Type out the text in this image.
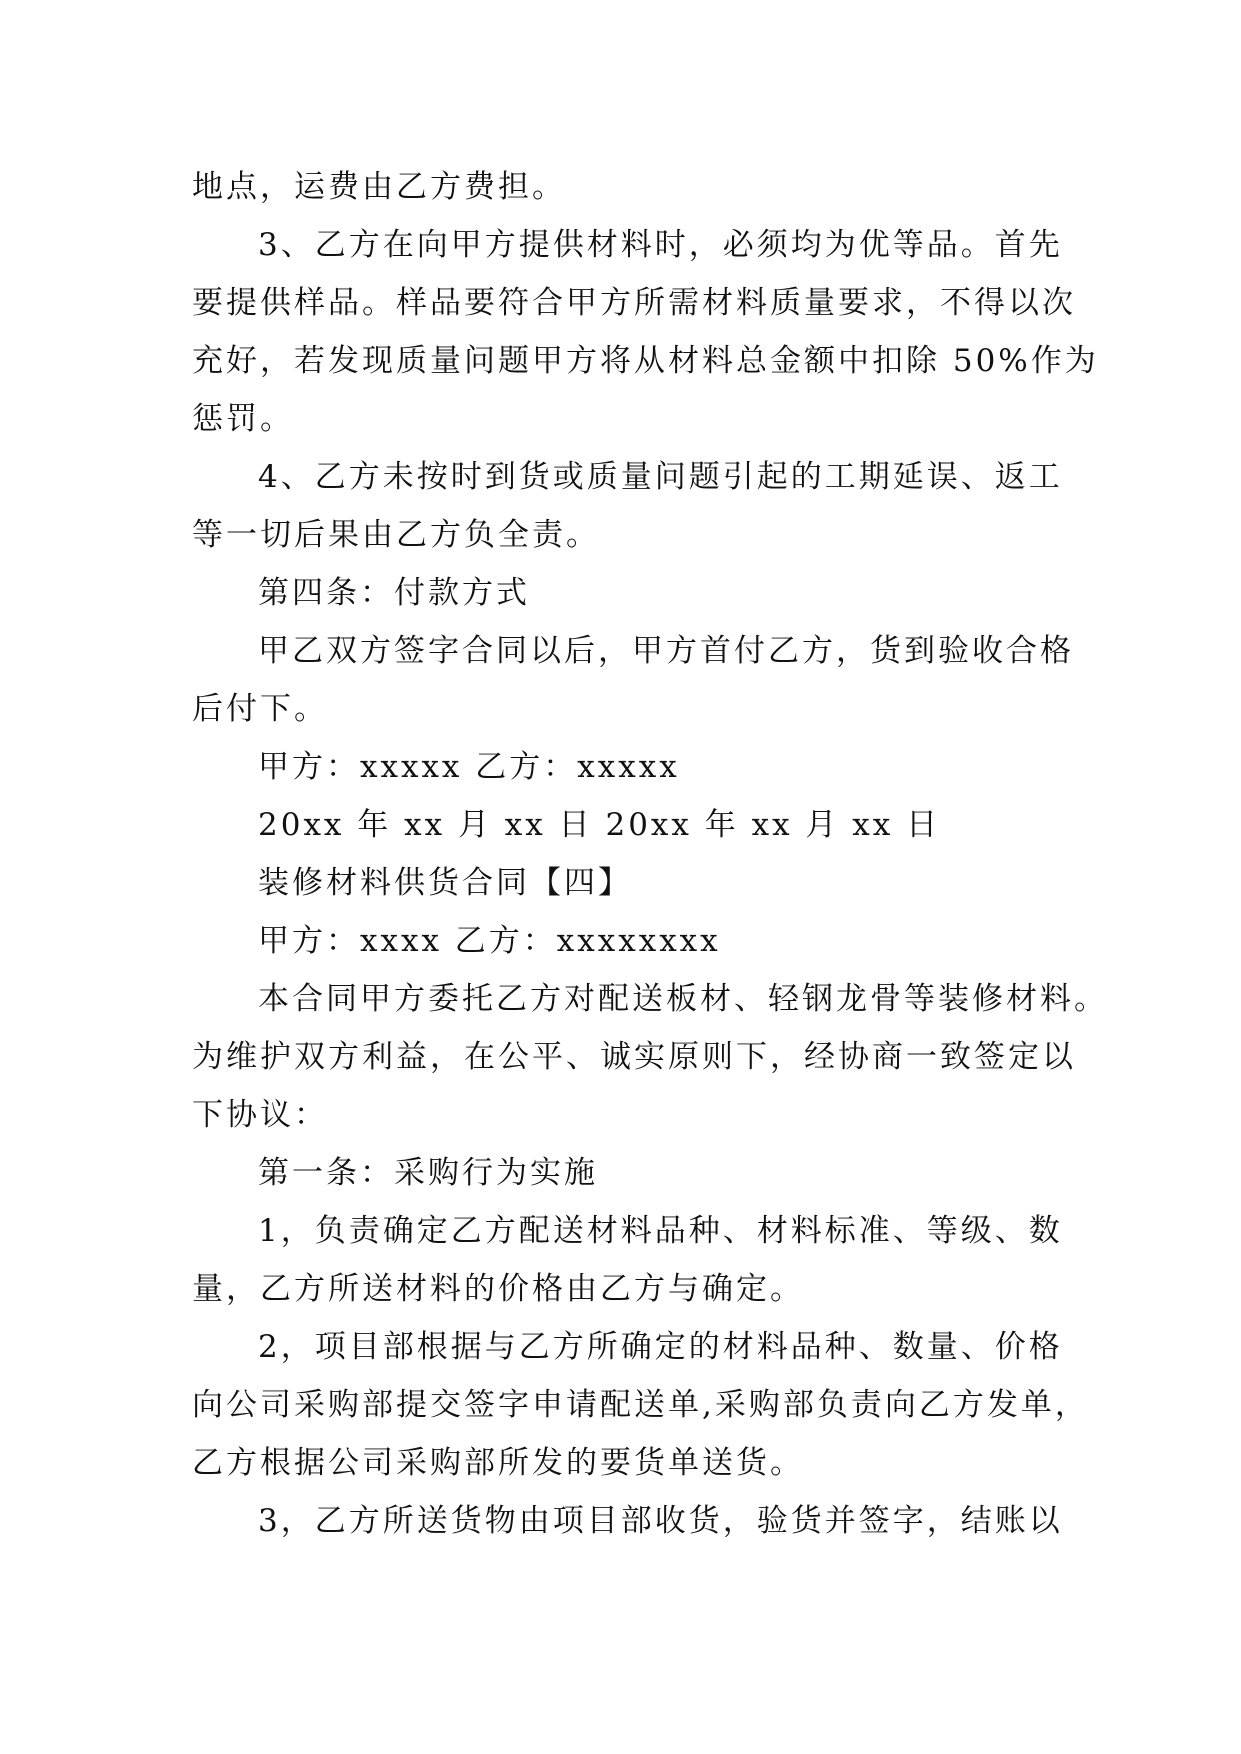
地点，运费由乙方费担。
3、乙方在向甲方提供材料时，必须均为优等品。首先
要提供样品。样品要符合甲方所需材料质量要求，不得以次
充好，若发现质量问题甲方将从材料总金额中扣除 50%作为
惩罚。
4、乙方未按时到货或质量问题引起的工期延误、返工
等一切后果由乙方负全责。
第四条：付款方式
甲乙双方签字合同以后，甲方首付乙方，货到验收合格
后付下。
甲方：xxxxx 乙方：xxxxx
20xx 年 xx 月 xx 日 20xx 年 xx 月 xx 日
装修材料供货合同【四】
甲方：xxxx 乙方：xxxxxxxx
本合同甲方委托乙方对配送板材、轻钢龙骨等装修材料。
为维护双方利益，在公平、诚实原则下，经协商一致签定以
下协议：
第一条：采购行为实施
1，负责确定乙方配送材料品种、材料标准、等级、数
量，乙方所送材料的价格由乙方与确定。
2，项目部根据与乙方所确定的材料品种、数量、价格
向公司采购部提交签字申请配送单,采购部负责向乙方发单，
乙方根据公司采购部所发的要货单送货。
3，乙方所送货物由项目部收货，验货并签字，结账以
